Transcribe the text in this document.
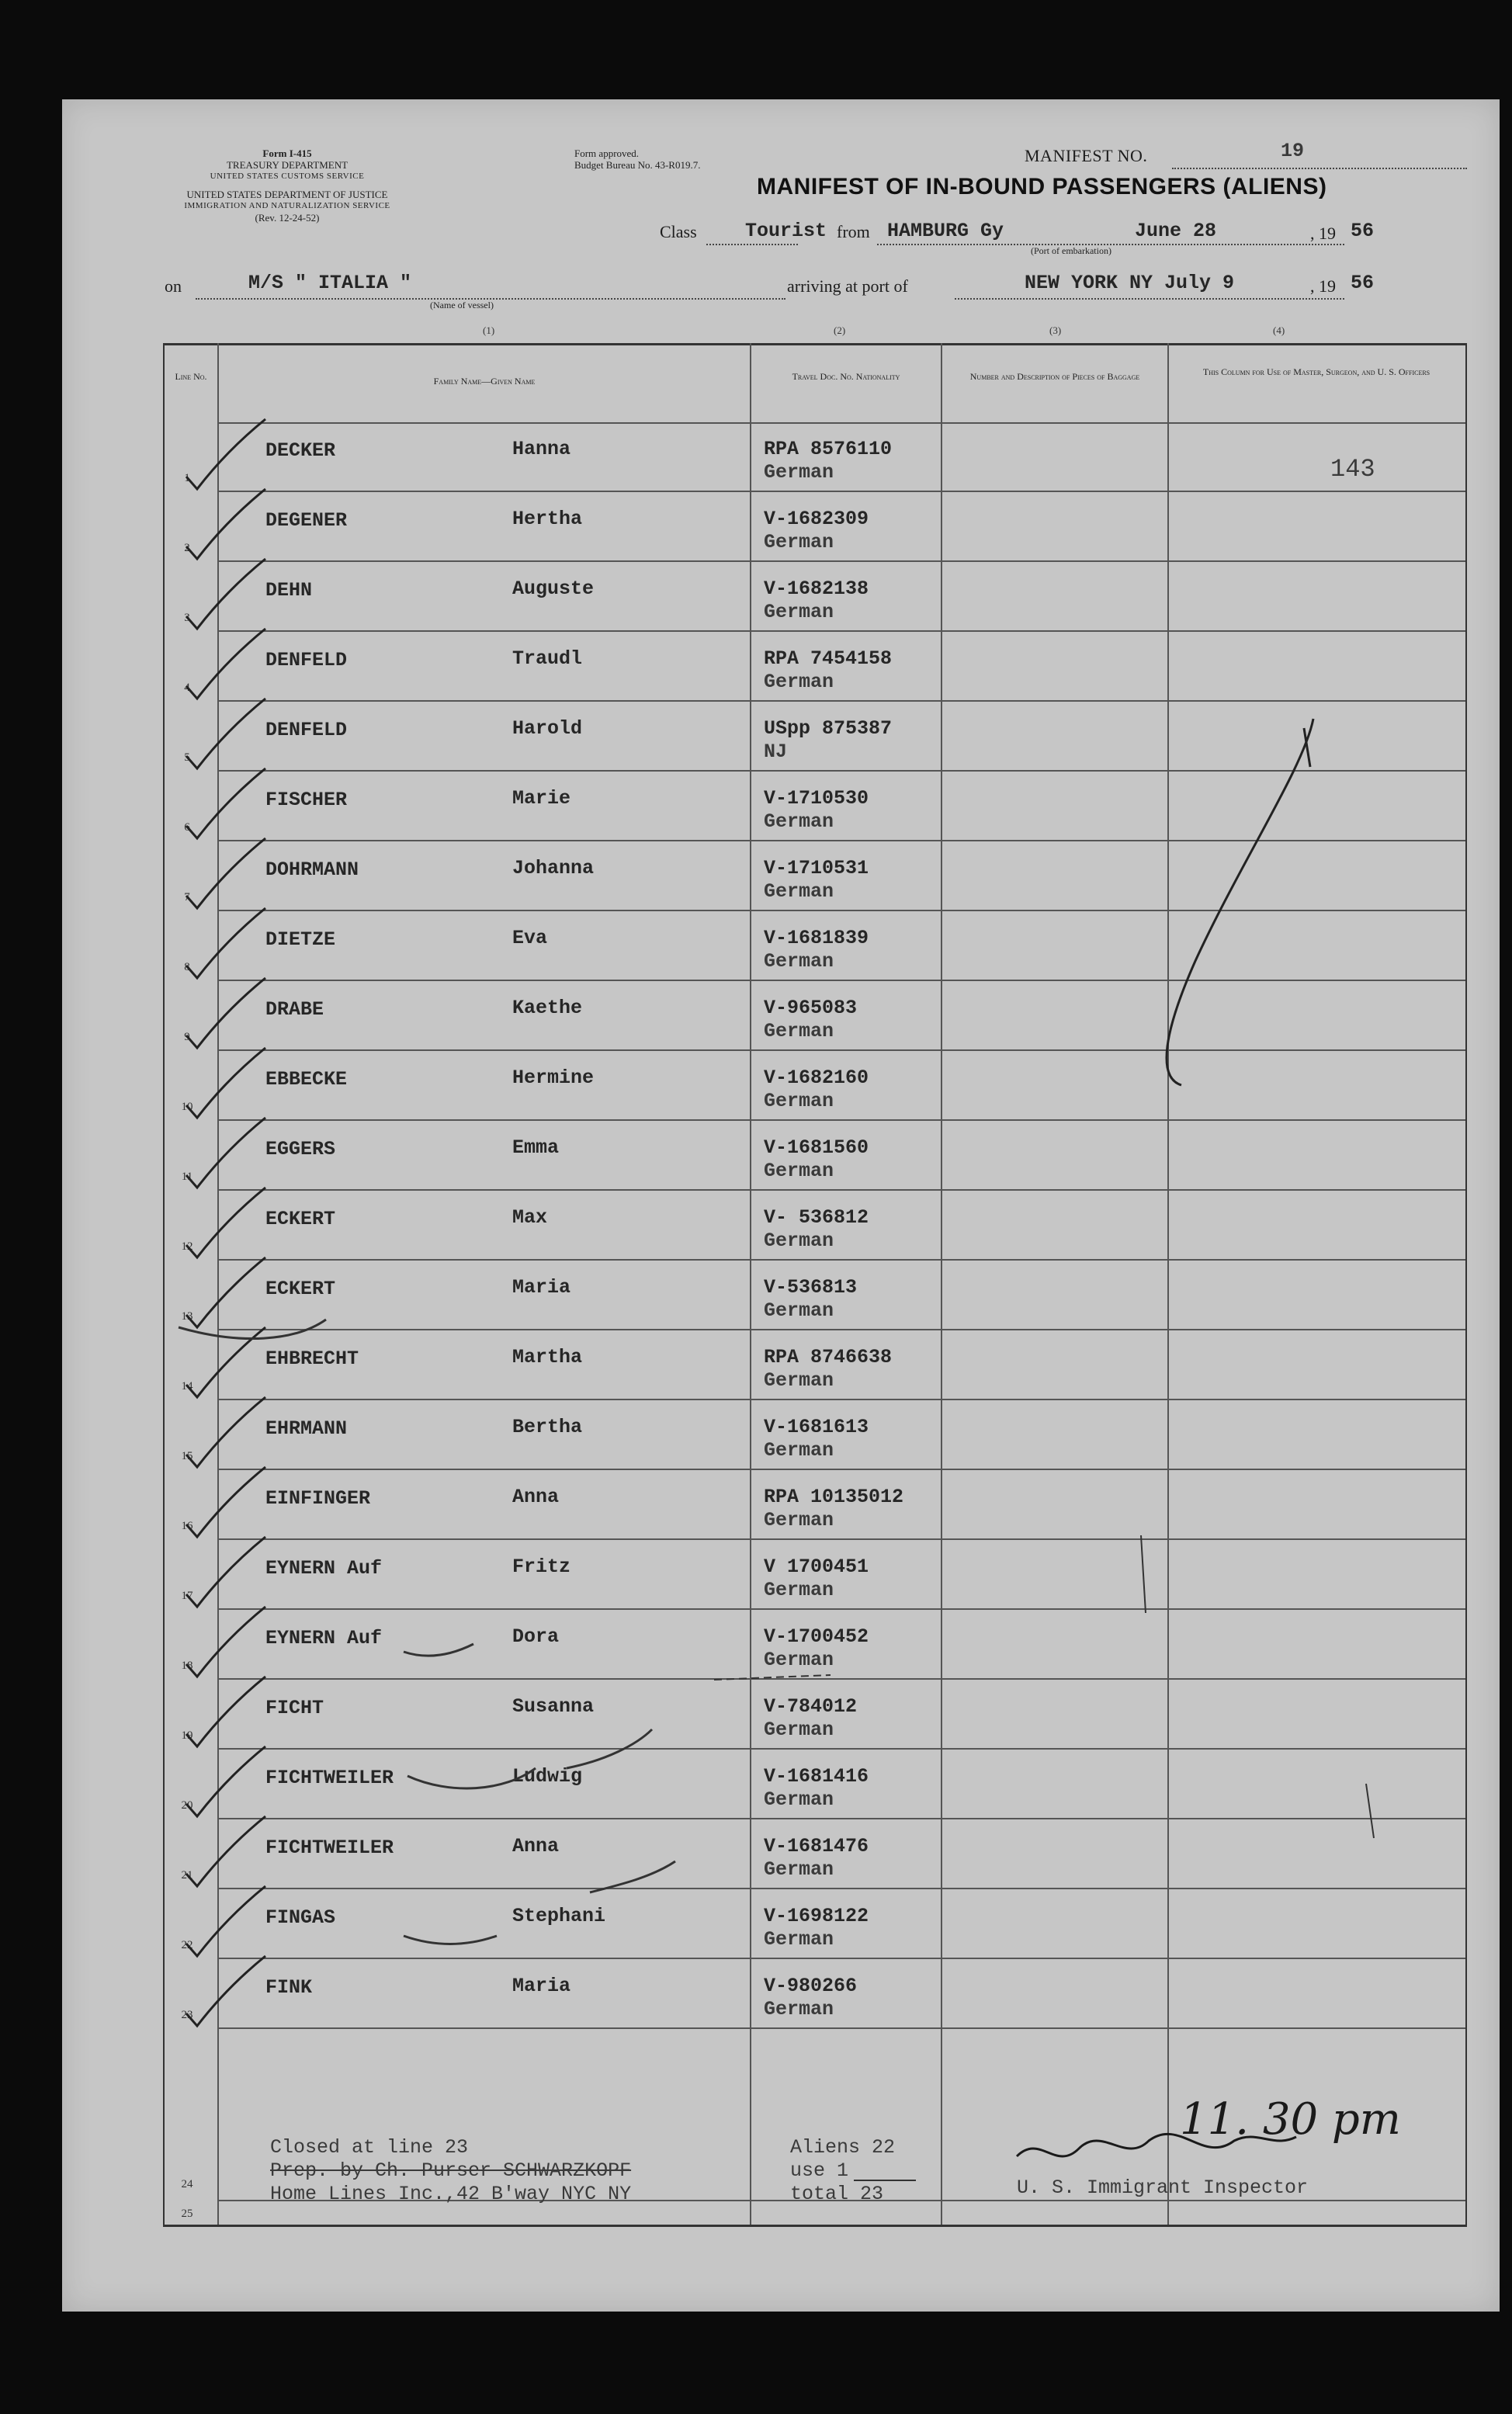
Form I-415
TREASURY DEPARTMENT
UNITED STATES CUSTOMS SERVICE
UNITED STATES DEPARTMENT OF JUSTICE
IMMIGRATION AND NATURALIZATION SERVICE
(Rev. 12-24-52)
Form approved.
Budget Bureau No. 43-R019.7.	MANIFEST NO.	19
MANIFEST OF IN-BOUND PASSENGERS (ALIENS)
Class Tourist from HAMBURG Gy	June 28	, 19 56
(Port of embarkation)
on	M/S " ITALIA "
(Name of vessel)
arriving at port of	NEW YORK NY July 9	, 19 56
(1)	(2)	(3)	(4)
Line No.	Family Name—Given Name	Travel Doc. No. Nationality	Number and Description of Pieces of Baggage	This Column for Use of Master, Surgeon, and U. S. Officers
1
DECKER	Hanna	RPA 8576110
German
2
DEGENER	Hertha	V-1682309
German
3
DEHN	Auguste	V-1682138
German
4
DENFELD	Traudl	RPA 7454158
German
5
DENFELD	Harold	USpp 875387
NJ
6
FISCHER	Marie	V-1710530
German
7
DOHRMANN	Johanna	V-1710531
German
8
DIETZE	Eva	V-1681839
German
9
DRABE	Kaethe	V-965083
German
10
EBBECKE	Hermine	V-1682160
German
11
EGGERS	Emma	V-1681560
German
12
ECKERT	Max	V- 536812
German
13
ECKERT	Maria	V-536813
German
14
EHBRECHT	Martha	RPA 8746638
German
15
EHRMANN	Bertha	V-1681613
German
16
EINFINGER	Anna	RPA 10135012
German
17
EYNERN Auf	Fritz	V 1700451
German
18
EYNERN Auf	Dora	V-1700452
German
19
FICHT	Susanna	V-784012
German
20
FICHTWEILER	Ludwig	V-1681416
German
21
FICHTWEILER	Anna	V-1681476
German
22
FINGAS	Stephani	V-1698122
German
23
FINK	Maria	V-980266
German
143
24
25
Closed at line 23
Prep. by Ch. Purser SCHWARZKOPF
Home Lines Inc.,42 B'way NYC NY
Aliens 22
use 1
total 23
11. 30 pm
U. S. Immigrant Inspector
